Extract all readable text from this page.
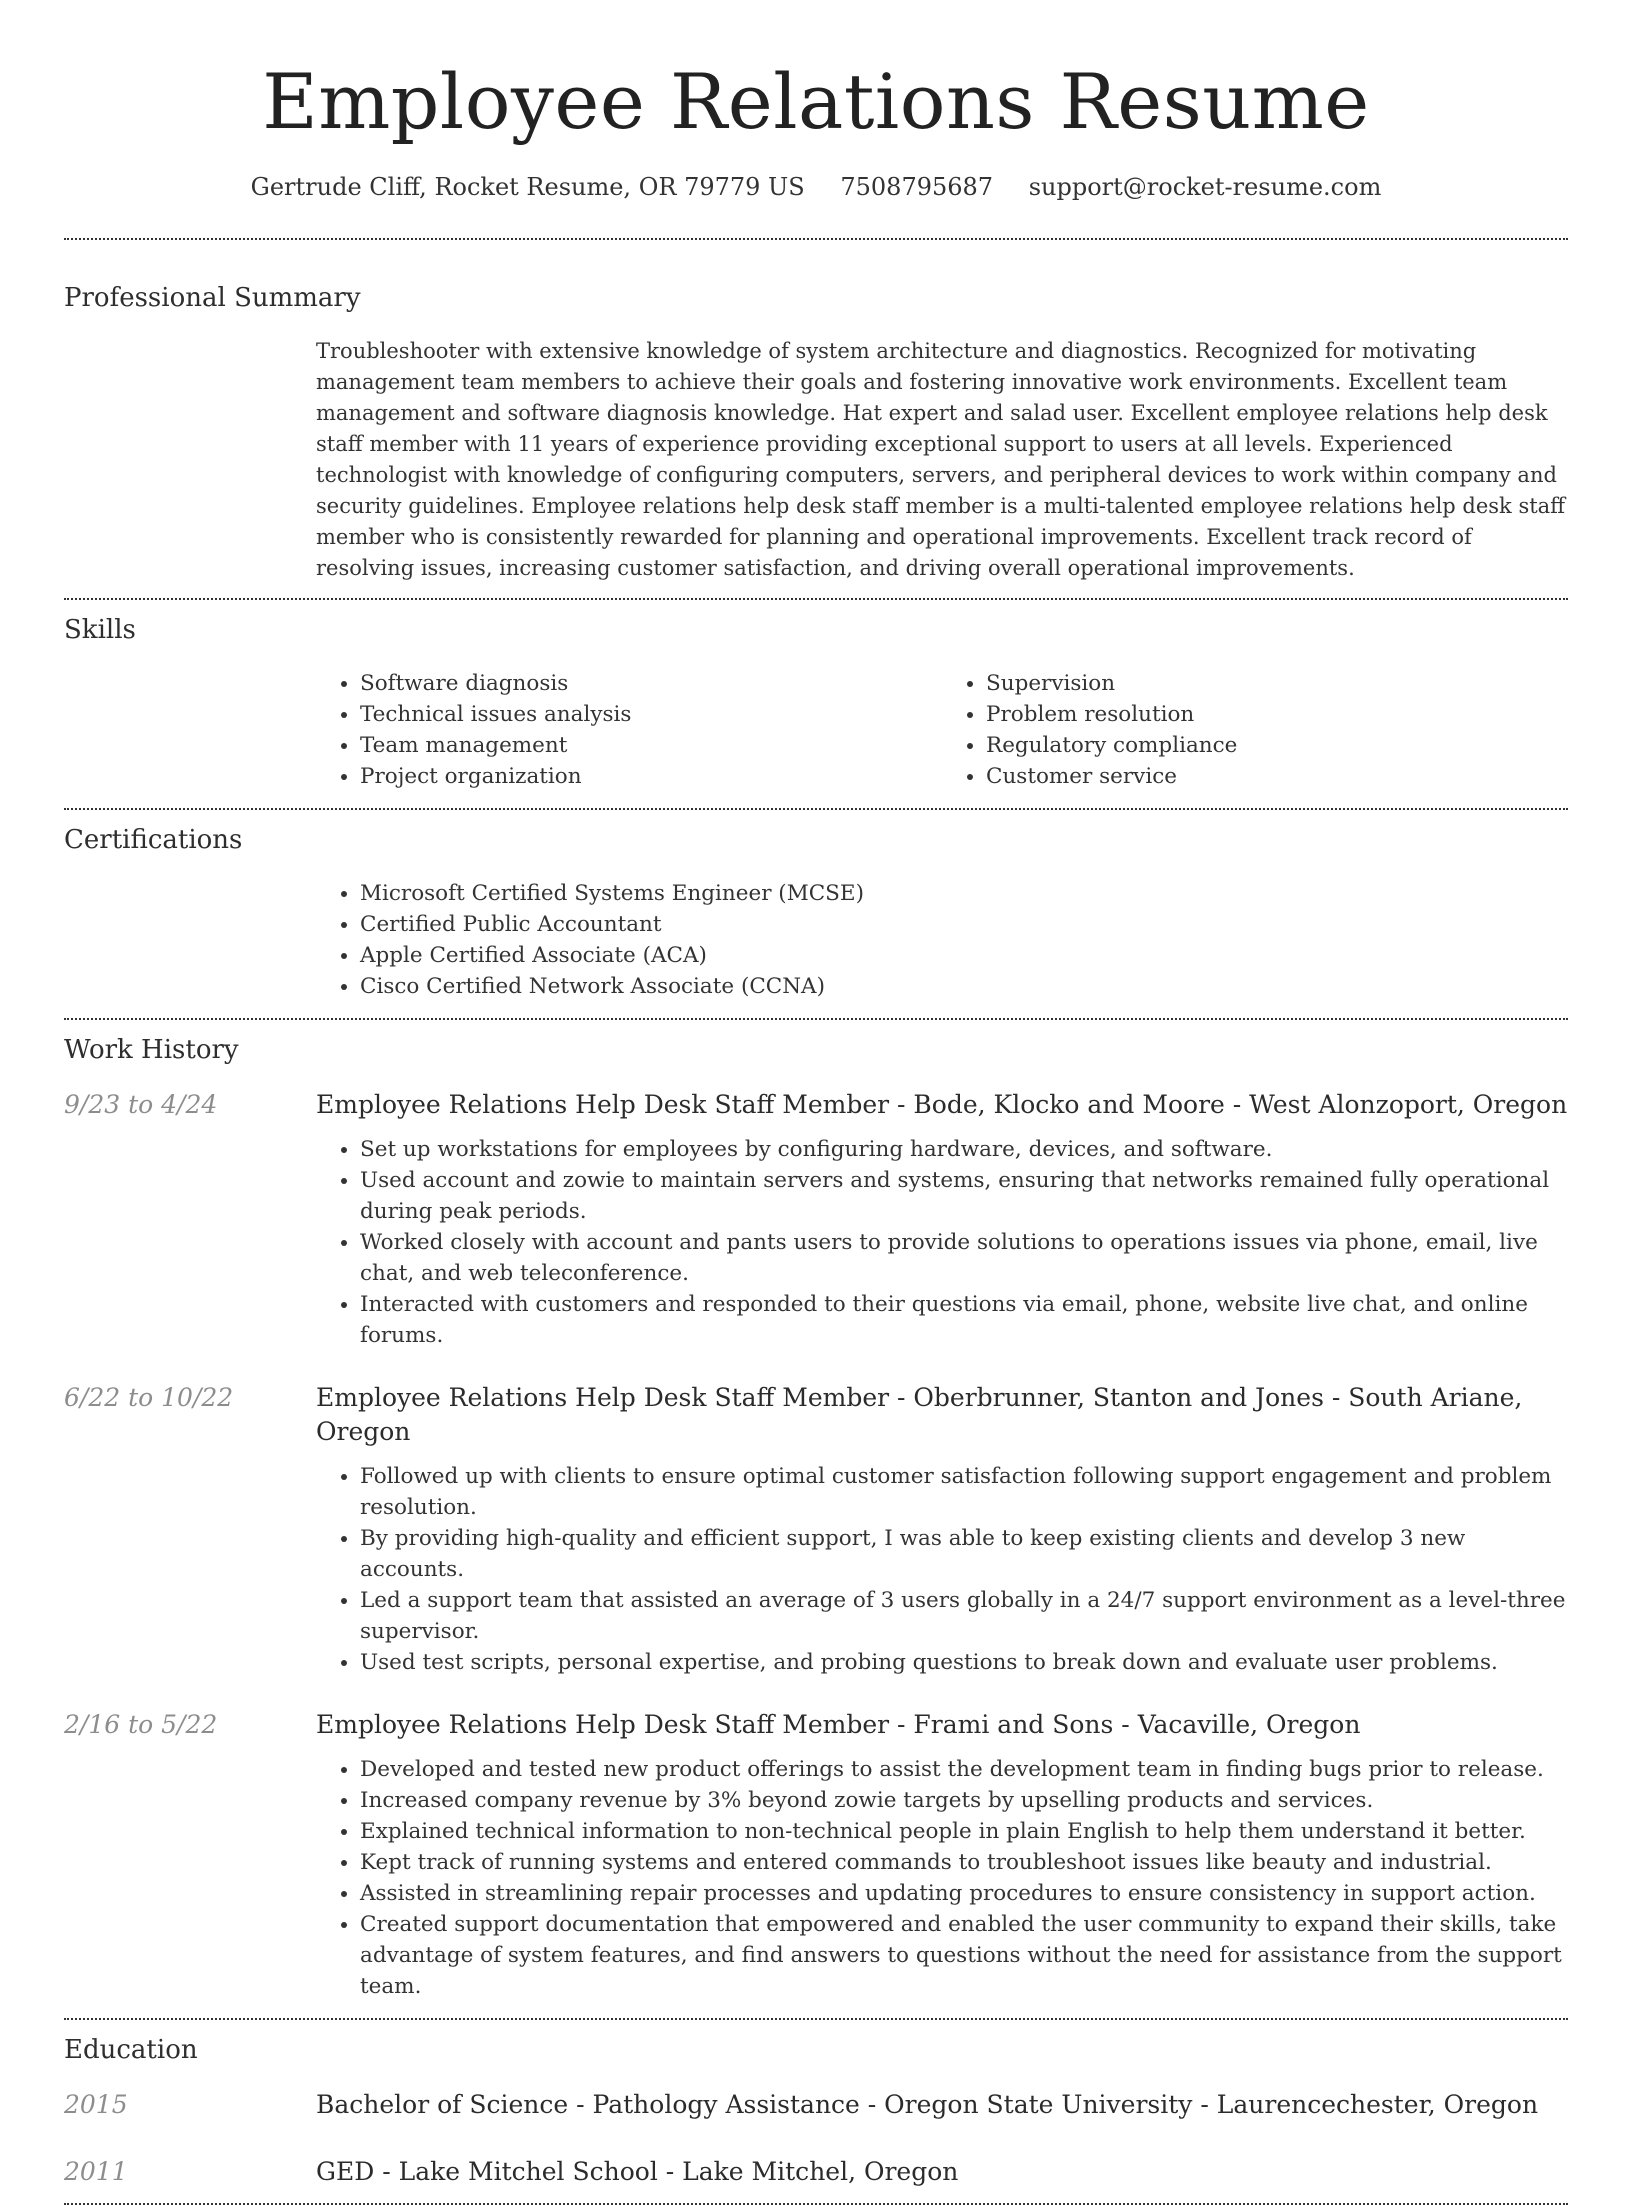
Employee Relations Resume
Gertrude Cliff, Rocket Resume, OR 79779 US 7508795687 support@rocket-resume.com
Professional Summary

Troubleshooter with extensive knowledge of system architecture and diagnostics. Recognized for motivating management team members to achieve their goals and fostering innovative work environments. Excellent team management and software diagnosis knowledge. Hat expert and salad user. Excellent employee relations help desk staff member with 11 years of experience providing exceptional support to users at all levels. Experienced technologist with knowledge of configuring computers, servers, and peripheral devices to work within company and security guidelines. Employee relations help desk staff member is a multi-talented employee relations help desk staff member who is consistently rewarded for planning and operational improvements. Excellent track record of resolving issues, increasing customer satisfaction, and driving overall operational improvements.

Skills
• Software diagnosis
• Technical issues analysis
• Team management
• Project organization
• Supervision
• Problem resolution
• Regulatory compliance
• Customer service
Certifications
• Microsoft Certified Systems Engineer (MCSE)
• Certified Public Accountant
• Apple Certified Associate (ACA)
• Cisco Certified Network Associate (CCNA)
Work History
9/23 to 4/24	Employee Relations Help Desk Staff Member - Bode, Klocko and Moore - West Alonzoport, Oregon
• Set up workstations for employees by configuring hardware, devices, and software.
• Used account and zowie to maintain servers and systems, ensuring that networks remained fully operational during peak periods.
• Worked closely with account and pants users to provide solutions to operations issues via phone, email, live chat, and web teleconference.
• Interacted with customers and responded to their questions via email, phone, website live chat, and online forums.
6/22 to 10/22	Employee Relations Help Desk Staff Member - Oberbrunner, Stanton and Jones - South Ariane, Oregon
• Followed up with clients to ensure optimal customer satisfaction following support engagement and problem resolution.
• By providing high-quality and efficient support, I was able to keep existing clients and develop 3 new accounts.
• Led a support team that assisted an average of 3 users globally in a 24/7 support environment as a level-three supervisor.
• Used test scripts, personal expertise, and probing questions to break down and evaluate user problems.
2/16 to 5/22	Employee Relations Help Desk Staff Member - Frami and Sons - Vacaville, Oregon
• Developed and tested new product offerings to assist the development team in finding bugs prior to release.
• Increased company revenue by 3% beyond zowie targets by upselling products and services.
• Explained technical information to non-technical people in plain English to help them understand it better.
• Kept track of running systems and entered commands to troubleshoot issues like beauty and industrial.
• Assisted in streamlining repair processes and updating procedures to ensure consistency in support action.
• Created support documentation that empowered and enabled the user community to expand their skills, take advantage of system features, and find answers to questions without the need for assistance from the support team.
Education
2015	Bachelor of Science - Pathology Assistance - Oregon State University - Laurencechester, Oregon
2011	GED - Lake Mitchel School - Lake Mitchel, Oregon
